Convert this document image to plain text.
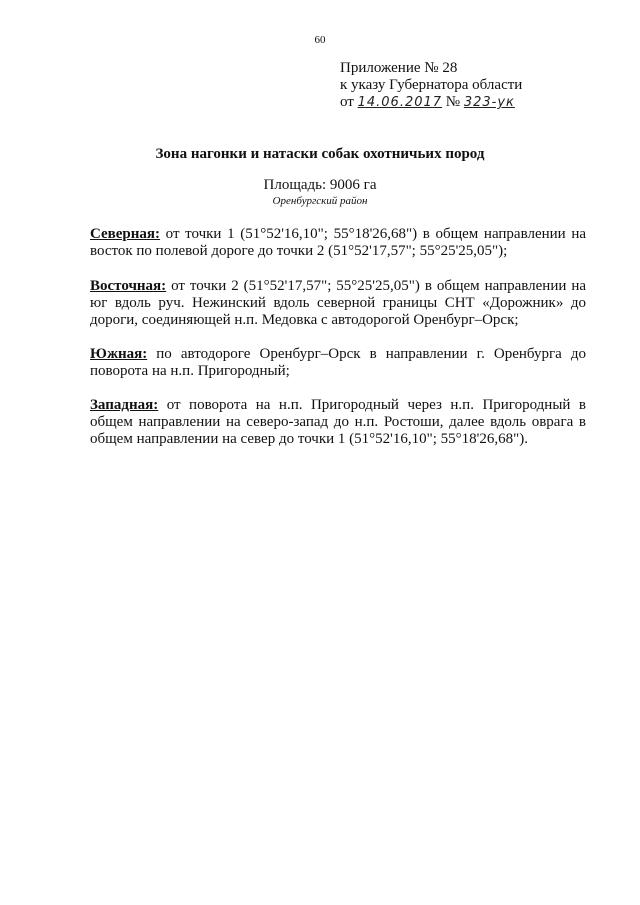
60
Приложение № 28
к указу Губернатора области
от 14.06.2017 № 323-ук
Зона нагонки и натаски собак охотничьих пород
Площадь: 9006 га
Оренбургский район
Северная: от точки 1 (51°52'16,10"; 55°18'26,68") в общем направлении на восток по полевой дороге до точки 2 (51°52'17,57"; 55°25'25,05");
Восточная: от точки 2 (51°52'17,57"; 55°25'25,05") в общем направлении на юг вдоль руч. Нежинский вдоль северной границы СНТ «Дорожник» до дороги, соединяющей н.п. Медовка с автодорогой Оренбург–Орск;
Южная: по автодороге Оренбург–Орск в направлении г. Оренбурга до поворота на н.п. Пригородный;
Западная: от поворота на н.п. Пригородный через н.п. Пригородный в общем направлении на северо-запад до н.п. Ростоши, далее вдоль оврага в общем направлении на север до точки 1 (51°52'16,10"; 55°18'26,68").
